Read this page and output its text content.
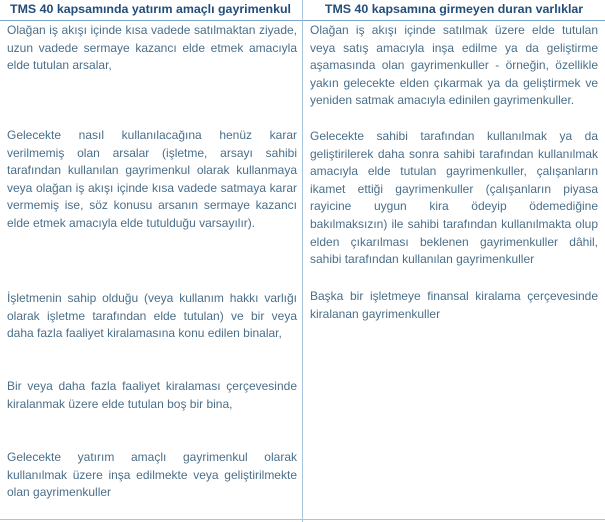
TMS 40 kapsamında yatırım amaçlı gayrimenkul	TMS 40 kapsamına girmeyen duran varlıklar

Olağan iş akışı içinde kısa vadede satılmaktan ziyade, uzun vadede sermaye kazancı elde etmek amacıyla elde tutulan arsalar,

Gelecekte nasıl kullanılacağına henüz karar verilmemiş olan arsalar (işletme, arsayı sahibi tarafından kullanılan gayrimenkul olarak kullanmaya veya olağan iş akışı içinde kısa vadede satmaya karar vermemiş ise, söz konusu arsanın sermaye kazancı elde etmek amacıyla elde tutulduğu varsayılır).

İşletmenin sahip olduğu (veya kullanım hakkı varlığı olarak işletme tarafından elde tutulan) ve bir veya daha fazla faaliyet kiralamasına konu edilen binalar,

Bir veya daha fazla faaliyet kiralaması çerçevesinde kiralanmak üzere elde tutulan boş bir bina,

Gelecekte yatırım amaçlı gayrimenkul olarak kullanılmak üzere inşa edilmekte veya geliştirilmekte olan gayrimenkuller

Olağan iş akışı içinde satılmak üzere elde tutulan veya satış amacıyla inşa edilme ya da geliştirme aşamasında olan gayrimenkuller - örneğin, özellikle yakın gelecekte elden çıkarmak ya da geliştirmek ve yeniden satmak amacıyla edinilen gayrimenkuller.

Gelecekte sahibi tarafından kullanılmak ya da geliştirilerek daha sonra sahibi tarafından kullanılmak amacıyla elde tutulan gayrimenkuller, çalışanların ikamet ettiği gayrimenkuller (çalışanların piyasa rayicine uygun kira ödeyip ödemediğine bakılmaksızın) ile sahibi tarafından kullanılmakta olup elden çıkarılması beklenen gayrimenkuller dâhil, sahibi tarafından kullanılan gayrimenkuller

Başka bir işletmeye finansal kiralama çerçevesinde kiralanan gayrimenkuller
